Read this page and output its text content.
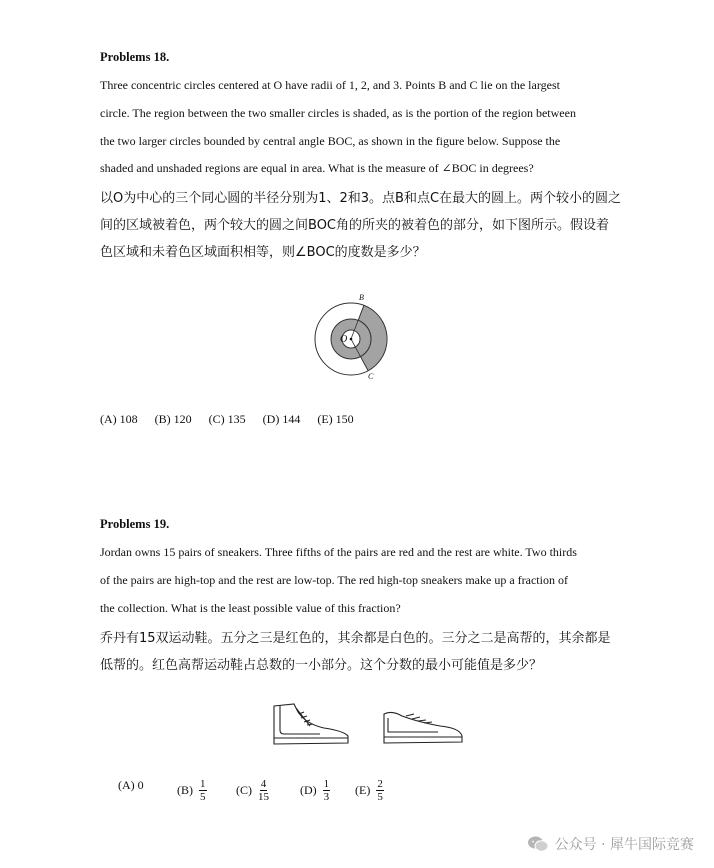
Problems 18.
Three concentric circles centered at O have radii of 1, 2, and 3. Points B and C lie on the largest
circle. The region between the two smaller circles is shaded, as is the portion of the region between
the two larger circles bounded by central angle BOC, as shown in the figure below. Suppose the
shaded and unshaded regions are equal in area. What is the measure of ∠BOC in degrees?
以O为中心的三个同心圆的半径分别为1、2和3。点B和点C在最大的圆上。两个较小的圆之
间的区域被着色，两个较大的圆之间BOC角的所夹的被着色的部分，如下图所示。假设着
色区域和未着色区域面积相等，则∠BOC的度数是多少？
O
B
C
(A) 108 (B) 120 (C) 135 (D) 144 (E) 150
Problems 19.
Jordan owns 15 pairs of sneakers. Three fifths of the pairs are red and the rest are white. Two thirds
of the pairs are high-top and the rest are low-top. The red high-top sneakers make up a fraction of
the collection. What is the least possible value of this fraction?
乔丹有15双运动鞋。五分之三是红色的，其余都是白色的。三分之二是高帮的，其余都是
低帮的。红色高帮运动鞋占总数的一小部分。这个分数的最小可能值是多少？
(A)
0	$(B) \frac{1}{5} (C) \frac{4}{15}$	$(D) \frac{1}{3} (E) \frac{2}{5}$
公众号 · 犀牛国际竞赛
